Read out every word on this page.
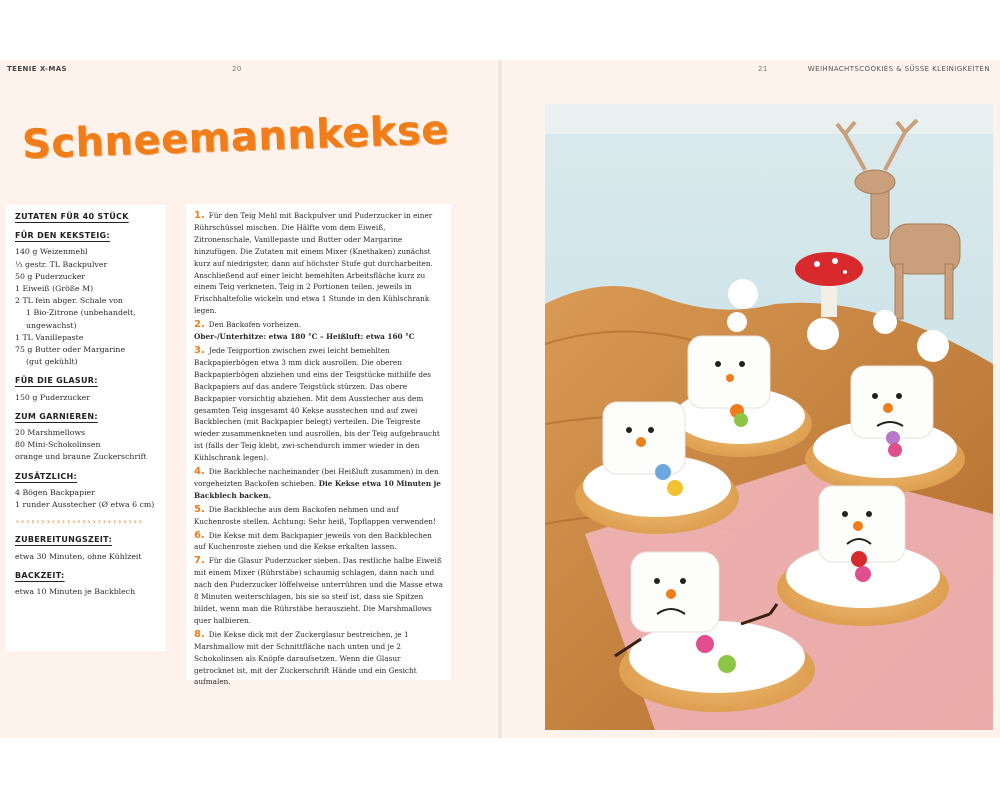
TEENIE X-MAS	20
Schneemannkekse
ZUTATEN FÜR 40 STÜCK
FÜR DEN KEKSTEIG:
140 g Weizenmehl
⅓ gestr. TL Backpulver
50 g Puderzucker
1 Eiweiß (Größe M)
2 TL fein abger. Schale von
1 Bio-Zitrone (unbehandelt,
ungewachst)
1 TL Vanillepaste
75 g Butter oder Margarine
(gut gekühlt)
FÜR DIE GLASUR:
150 g Puderzucker
ZUM GARNIEREN:
20 Marshmellows
80 Mini-Schokolinsen
orange und braune Zuckerschrift
ZUSÄTZLICH:
4 Bögen Backpapier
1 runder Ausstecher (Ø etwa 6 cm)
›››››››››››››››››››››››››
ZUBEREITUNGSZEIT:
etwa 30 Minuten, ohne Kühlzeit
BACKZEIT:
etwa 10 Minuten je Backblech
1. Für den Teig Mehl mit Backpulver und Puderzucker in einer Rührschüssel mischen. Die Hälfte vom dem Eiweiß, Zitronenschale, Vanillepaste und Butter oder Margarine hinzufügen. Die Zutaten mit einem Mixer (Knethaken) zunächst kurz auf niedrigster, dann auf höchster Stufe gut durcharbeiten. Anschließend auf einer leicht bemehlten Arbeitsfläche kurz zu einem Teig verkneten. Teig in 2 Portionen teilen, jeweils in Frischhaltefolie wickeln und etwa 1 Stunde in den Kühlschrank legen.
2. Den Backofen vorheizen.
Ober-/Unterhitze: etwa 180 °C – Heißluft: etwa 160 °C
3. Jede Teigportion zwischen zwei leicht bemehlten Backpapierbögen etwa 3 mm dick ausrollen. Die oberen Backpapierbögen abziehen und eins der Teigstücke mithilfe des Backpapiers auf das andere Teigstück stürzen. Das obere Backpapier vorsichtig abziehen. Mit dem Ausstecher aus dem gesamten Teig insgesamt 40 Kekse ausstechen und auf zwei Backblechen (mit Backpapier belegt) verteilen. Die Teigreste wieder zusammenkneten und ausrollen, bis der Teig aufgebraucht ist (falls der Teig klebt, zwi-schendurch immer wieder in den Kühlschrank legen).
4. Die Backbleche nacheinander (bei Heißluft zusammen) in den vorgeheizten Backofen schieben. Die Kekse etwa 10 Minuten je Backblech backen.
5. Die Backbleche aus dem Backofen nehmen und auf Kuchenroste stellen. Achtung: Sehr heiß, Topflappen verwenden!
6. Die Kekse mit dem Backpapier jeweils von den Backblechen auf Kuchenroste ziehen und die Kekse erkalten lassen.
7. Für die Glasur Puderzucker sieben. Das restliche halbe Eiweiß mit einem Mixer (Rührstäbe) schaumig schlagen, dann nach und nach den Puderzucker löffelweise unterrühren und die Masse etwa 8 Minuten weiterschlagen, bis sie so steif ist, dass sie Spitzen bildet, wenn man die Rührstäbe herauszieht. Die Marshmallows quer halbieren.
8. Die Kekse dick mit der Zuckerglasur bestreichen, je 1 Marshmallow mit der Schnittfläche nach unten und je 2 Schokolinsen als Knöpfe daraufsetzen. Wenn die Glasur getrocknet ist, mit der Zuckerschrift Hände und ein Gesicht aufmalen.
21	WEIHNACHTSCOOKIES & SÜSSE KLEINIGKEITEN
